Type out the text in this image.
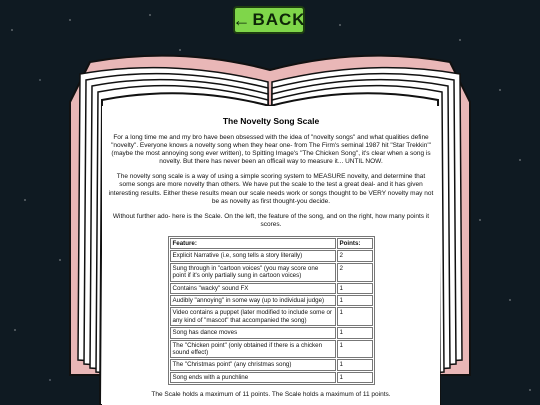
← BACK
The Novelty Song Scale

For a long time me and my bro have been obsessed with the idea of "novelty songs" and what qualities define "novelty". Everyone knows a novelty song when they hear one- from The Firm's seminal 1987 hit "Star Trekkin'" (maybe the most annoying song ever written), to Spitting Image's "The Chicken Song", it's clear when a song is novelty. But there has never been an officail way to measure it... UNTIL NOW.

The novelty song scale is a way of using a simple scoring system to MEASURE novelty, and determine that some songs are more novelty than others. We have put the scale to the test a great deal- and it has given interesting results. Either these results mean our scale needs work or songs thought to be VERY novelty may not be as novelty as first thought-you decide.

Without further ado- here is the Scale. On the left, the feature of the song, and on the right, how many points it scores.

Feature:	Points:
Explicit Narrative (i.e, song tells a story literally)	2
Sung through in "cartoon voices" (you may score one point if it's only partially sung in cartoon voices)	2
Contains "wacky" sound FX	1
Audibly "annoying" in some way (up to individual judge)	1
Video contains a puppet (later modified to include some or any kind of "mascot" that accompanied the song)	1
Song has dance moves	1
The "Chicken point" (only obtained if there is a chicken sound effect)	1
The "Christmas point" (any christmas song)	1
Song ends with a punchline	1
The Scale holds a maximum of 11 points. The Scale holds a maximum of 11 points.
